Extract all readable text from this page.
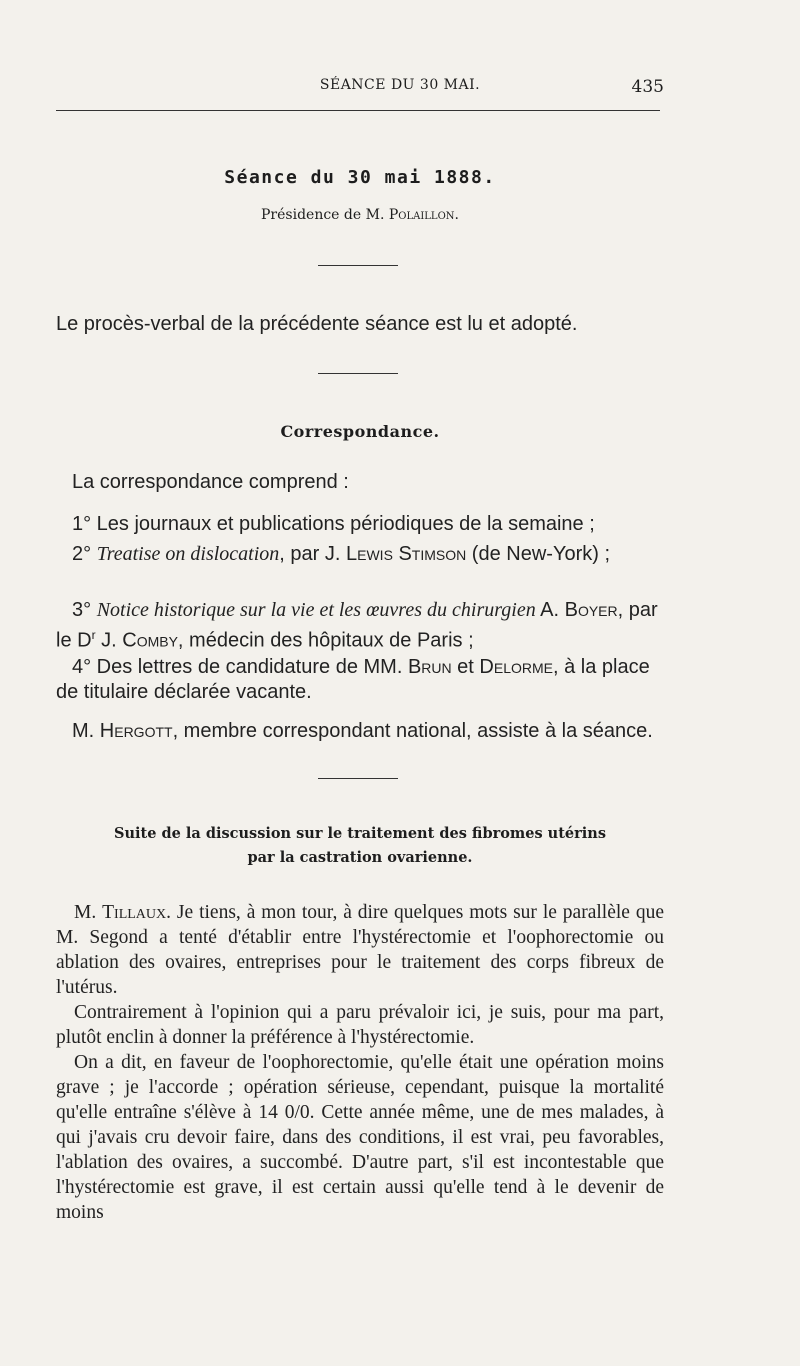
SÉANCE DU 30 MAI.	435
Séance du 30 mai 1888.
Présidence de M. Polaillon.
Le procès-verbal de la précédente séance est lu et adopté.
Correspondance.
La correspondance comprend :
1° Les journaux et publications périodiques de la semaine ;
2° Treatise on dislocation, par J. Lewis Stimson (de New-York) ;
3° Notice historique sur la vie et les œuvres du chirurgien A. Boyer, par le $D^r$ J. Comby, médecin des hôpitaux de Paris ;
4° Des lettres de candidature de MM. Brun et Delorme, à la place de titulaire déclarée vacante.
M. Hergott, membre correspondant national, assiste à la séance.
Suite de la discussion sur le traitement des fibromes utérins
par la castration ovarienne.

M. Tillaux. Je tiens, à mon tour, à dire quelques mots sur le parallèle que M. Segond a tenté d'établir entre l'hystérectomie et l'oophorectomie ou ablation des ovaires, entreprises pour le traitement des corps fibreux de l'utérus.

Contrairement à l'opinion qui a paru prévaloir ici, je suis, pour ma part, plutôt enclin à donner la préférence à l'hystérectomie.

On a dit, en faveur de l'oophorectomie, qu'elle était une opération moins grave ; je l'accorde ; opération sérieuse, cependant, puisque la mortalité qu'elle entraîne s'élève à 14 0/0. Cette année même, une de mes malades, à qui j'avais cru devoir faire, dans des conditions, il est vrai, peu favorables, l'ablation des ovaires, a succombé. D'autre part, s'il est incontestable que l'hystérectomie est grave, il est certain aussi qu'elle tend à le devenir de moins
